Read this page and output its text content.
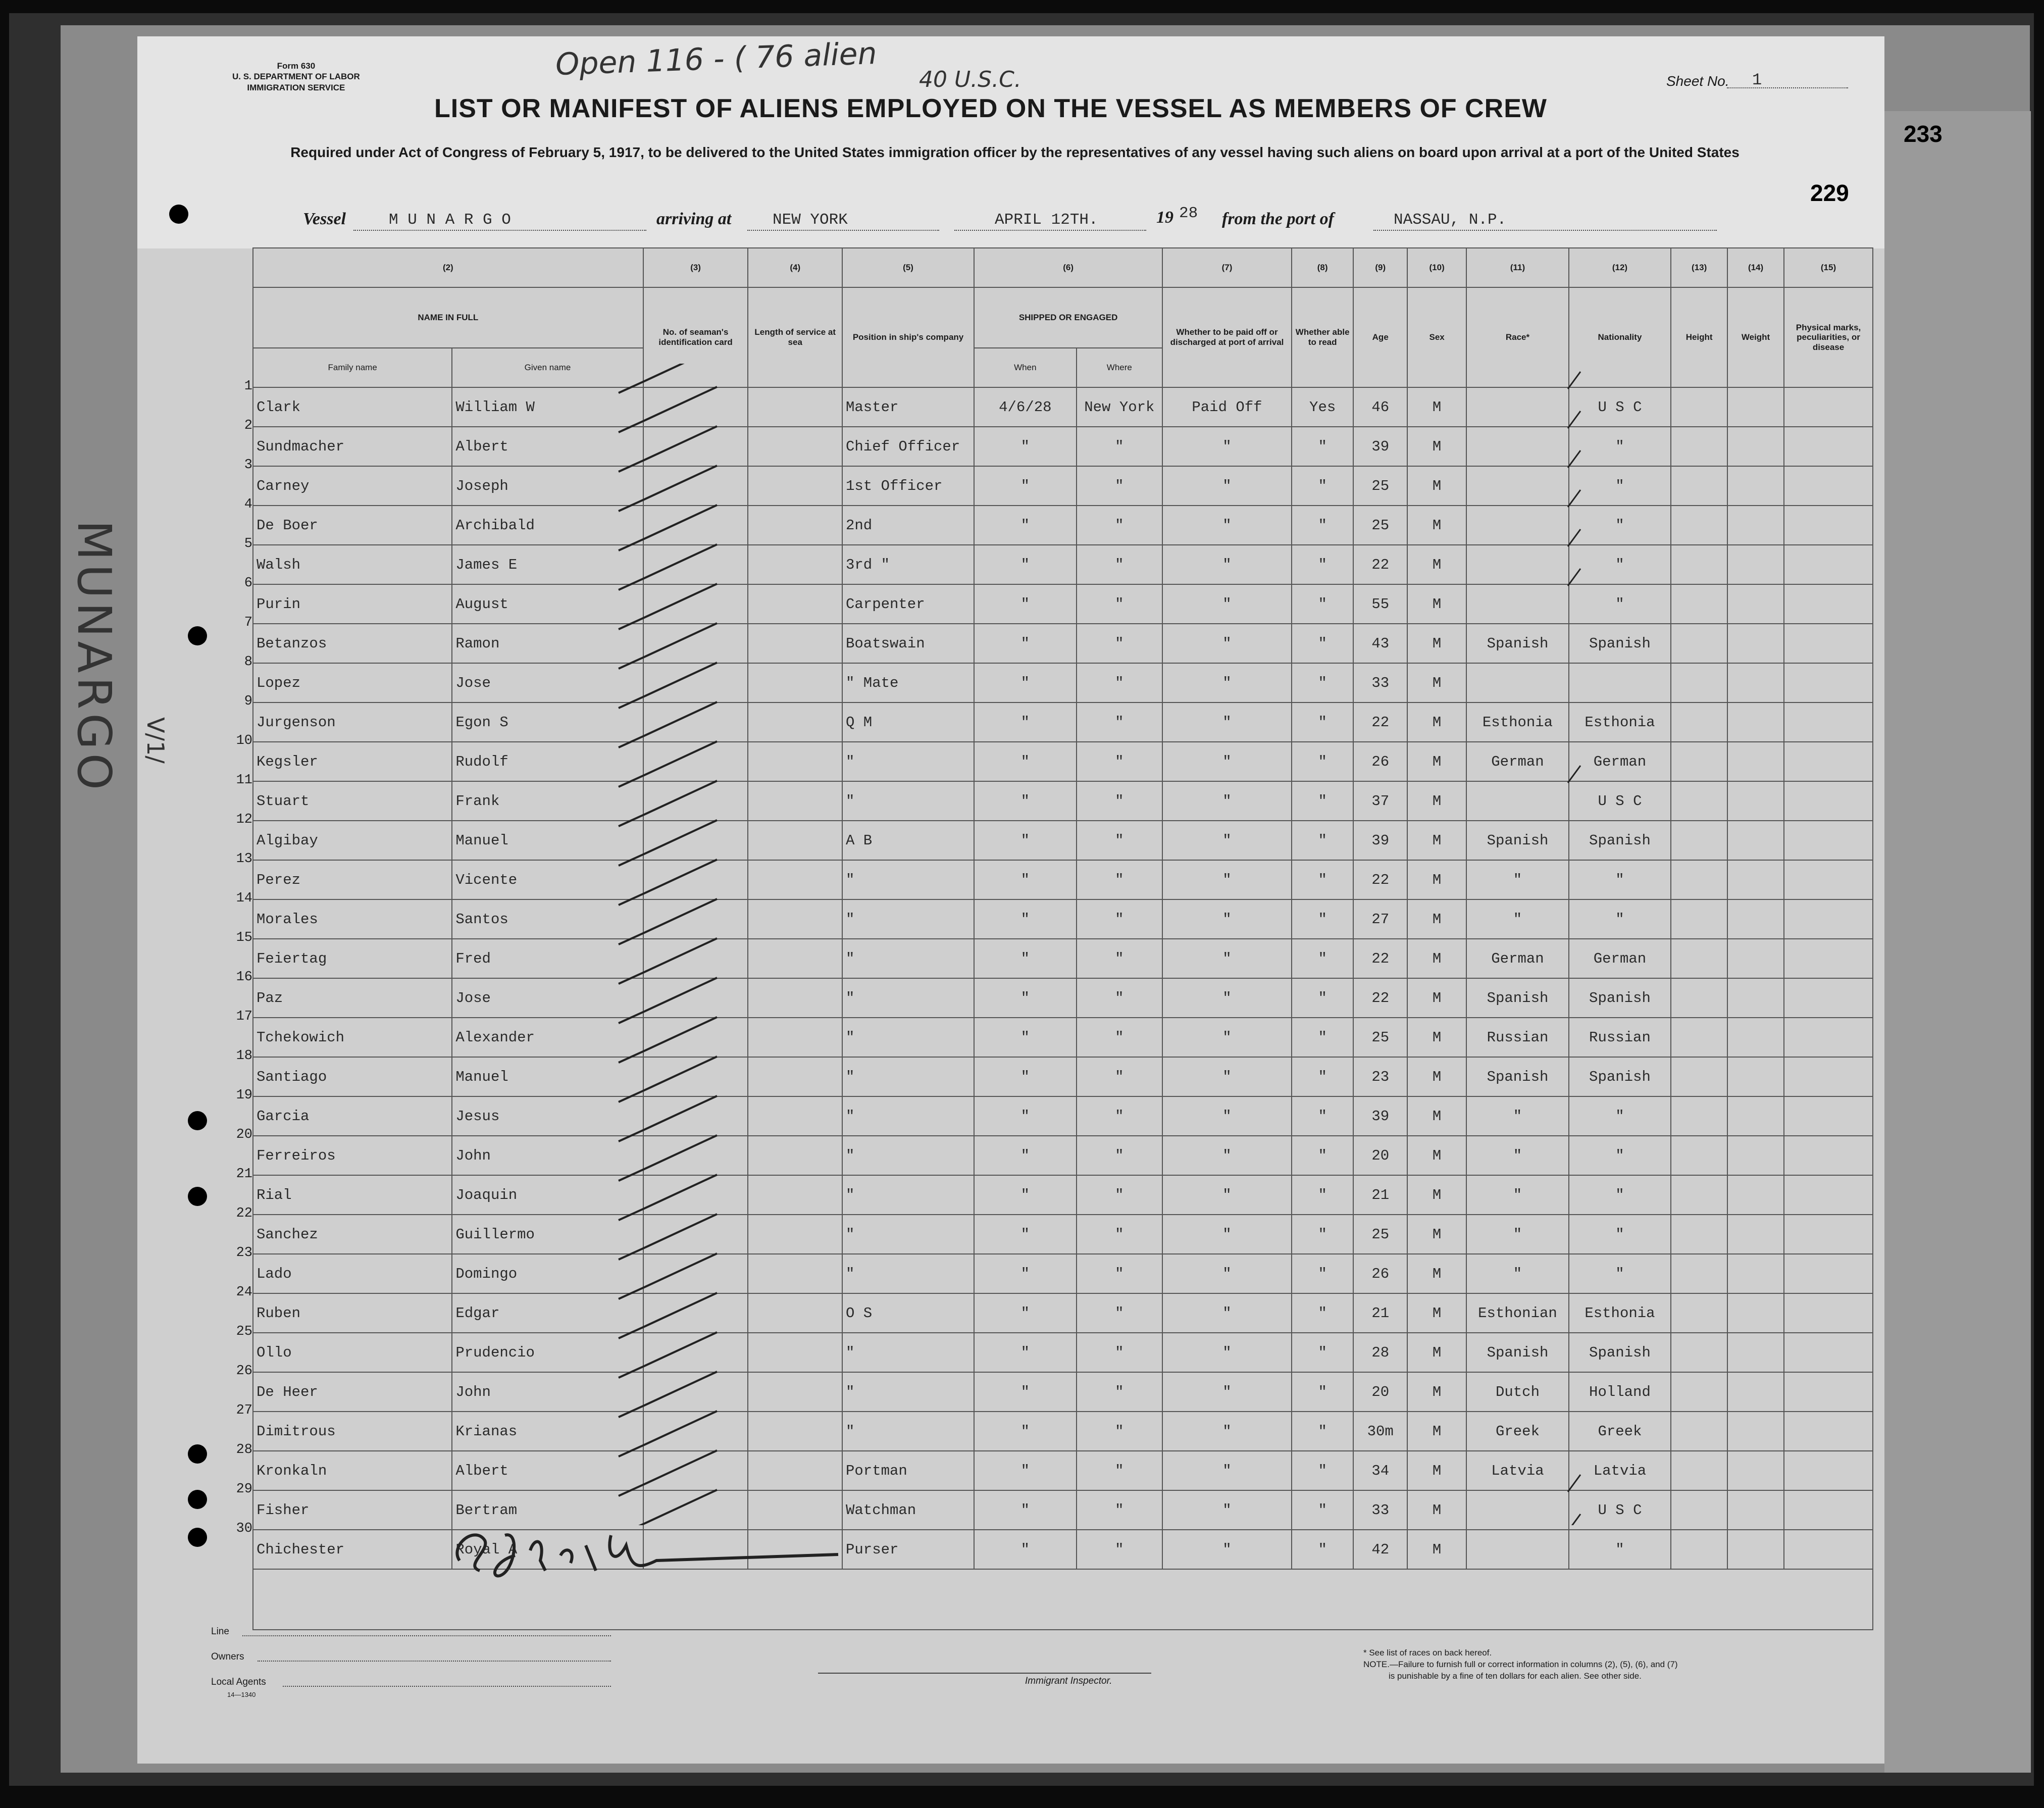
Form 630
U. S. DEPARTMENT OF LABOR
IMMIGRATION SERVICE
Open 116 - ( 76 alien 40 U.S.C.	Sheet No. 1
233
229
LIST OR MANIFEST OF ALIENS EMPLOYED ON THE VESSEL AS MEMBERS OF CREW
Required under Act of Congress of February 5, 1917, to be delivered to the United States immigration officer by the representatives of any vessel having such aliens on board upon arrival at a port of the United States
Vessel	M U N A R G O	arriving at	NEW YORK	APRIL 12TH.	19 28 from the port of	NASSAU, N.P.
MUNARGO V/1/
1
2
3
4
5
6
7
8
9
10
11
12
13
14
15
16
17
18
19
20
21
22
23
24
25
26
27
28
29
30
(2)		(3)	(4)	(5)	(6)		(7)	(8)	(9)	(10)	(11)	(12)	(13)	(14)	(15)
NAME IN FULL		No. of seaman's identification card	Length of service at sea	Position in ship's company	SHIPPED OR ENGAGED		Whether to be paid off or discharged at port of arrival	Whether able to read	Age	Sex	Race*	Nationality	Height	Weight	Physical marks, peculiarities, or disease
Family name	Given name				When	Where									
Clark	William W			Master	4/6/28	New York	Paid Off	Yes	46	M		U S C			
Sundmacher	Albert			Chief Officer	"	"	"	"	39	M		"			
Carney	Joseph			1st Officer	"	"	"	"	25	M		"			
De Boer	Archibald			2nd	"	"	"	"	25	M		"			
Walsh	James E			3rd "	"	"	"	"	22	M		"			
Purin	August			Carpenter	"	"	"	"	55	M		"			
Betanzos	Ramon			Boatswain	"	"	"	"	43	M	Spanish	Spanish			
Lopez	Jose			" Mate	"	"	"	"	33	M					
Jurgenson	Egon S			Q M	"	"	"	"	22	M	Esthonia	Esthonia			
Kegsler	Rudolf			"	"	"	"	"	26	M	German	German			
Stuart	Frank			"	"	"	"	"	37	M		U S C			
Algibay	Manuel			A B	"	"	"	"	39	M	Spanish	Spanish			
Perez	Vicente			"	"	"	"	"	22	M	"	"			
Morales	Santos			"	"	"	"	"	27	M	"	"			
Feiertag	Fred			"	"	"	"	"	22	M	German	German			
Paz	Jose			"	"	"	"	"	22	M	Spanish	Spanish			
Tchekowich	Alexander			"	"	"	"	"	25	M	Russian	Russian			
Santiago	Manuel			"	"	"	"	"	23	M	Spanish	Spanish			
Garcia	Jesus			"	"	"	"	"	39	M	"	"			
Ferreiros	John			"	"	"	"	"	20	M	"	"			
Rial	Joaquin			"	"	"	"	"	21	M	"	"			
Sanchez	Guillermo			"	"	"	"	"	25	M	"	"			
Lado	Domingo			"	"	"	"	"	26	M	"	"			
Ruben	Edgar			O S	"	"	"	"	21	M	Esthonian	Esthonia			
Ollo	Prudencio			"	"	"	"	"	28	M	Spanish	Spanish			
De Heer	John			"	"	"	"	"	20	M	Dutch	Holland			
Dimitrous	Krianas			"	"	"	"	"	30m	M	Greek	Greek			
Kronkaln	Albert			Portman	"	"	"	"	34	M	Latvia	Latvia			
Fisher	Bertram			Watchman	"	"	"	"	33	M		U S C			
Chichester	Royal A			Purser	"	"	"	"	42	M		"			

Line
Owners
Local Agents
14—1340
Immigrant Inspector.
* See list of races on back hereof.
NOTE.—Failure to furnish full or correct information in columns (2), (5), (6), and (7)
is punishable by a fine of ten dollars for each alien. See other side.
